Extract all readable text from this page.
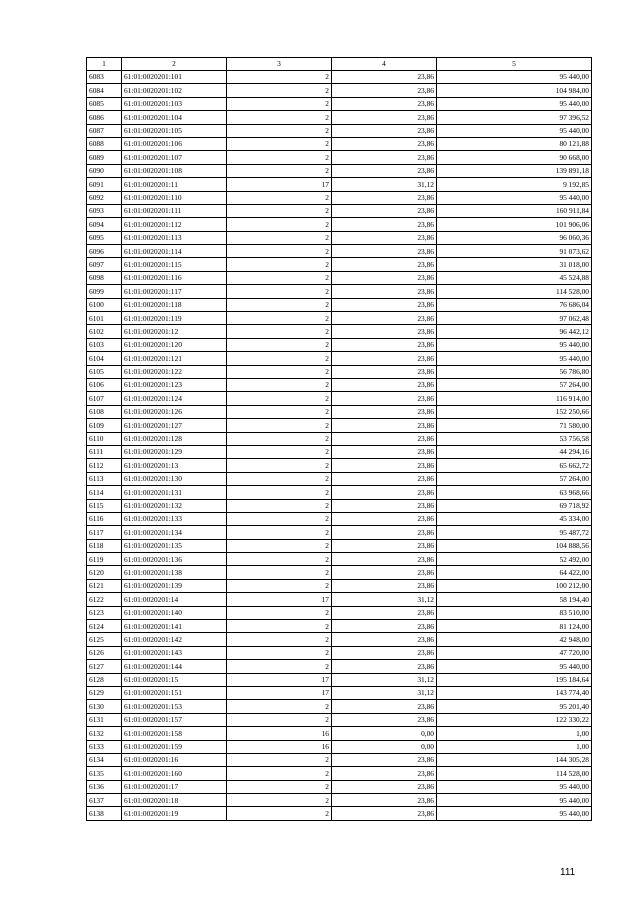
1	2	3	4	5
6083	61:01:0020201:101	2	23,86	95 440,00
6084	61:01:0020201:102	2	23,86	104 984,00
6085	61:01:0020201:103	2	23,86	95 440,00
6086	61:01:0020201:104	2	23,86	97 396,52
6087	61:01:0020201:105	2	23,86	95 440,00
6088	61:01:0020201:106	2	23,86	80 121,88
6089	61:01:0020201:107	2	23,86	90 668,00
6090	61:01:0020201:108	2	23,86	139 891,18
6091	61:01:0020201:11	17	31,12	9 192,85
6092	61:01:0020201:110	2	23,86	95 440,00
6093	61:01:0020201:111	2	23,86	160 911,84
6094	61:01:0020201:112	2	23,86	101 906,06
6095	61:01:0020201:113	2	23,86	96 060,36
6096	61:01:0020201:114	2	23,86	91 073,62
6097	61:01:0020201:115	2	23,86	31 018,00
6098	61:01:0020201:116	2	23,86	45 524,88
6099	61:01:0020201:117	2	23,86	114 528,00
6100	61:01:0020201:118	2	23,86	76 686,04
6101	61:01:0020201:119	2	23,86	97 062,48
6102	61:01:0020201:12	2	23,86	96 442,12
6103	61:01:0020201:120	2	23,86	95 440,00
6104	61:01:0020201:121	2	23,86	95 440,00
6105	61:01:0020201:122	2	23,86	56 786,80
6106	61:01:0020201:123	2	23,86	57 264,00
6107	61:01:0020201:124	2	23,86	116 914,00
6108	61:01:0020201:126	2	23,86	152 250,66
6109	61:01:0020201:127	2	23,86	71 580,00
6110	61:01:0020201:128	2	23,86	53 756,58
6111	61:01:0020201:129	2	23,86	44 294,16
6112	61:01:0020201:13	2	23,86	65 662,72
6113	61:01:0020201:130	2	23,86	57 264,00
6114	61:01:0020201:131	2	23,86	63 968,66
6115	61:01:0020201:132	2	23,86	69 718,92
6116	61:01:0020201:133	2	23,86	45 334,00
6117	61:01:0020201:134	2	23,86	95 487,72
6118	61:01:0020201:135	2	23,86	104 888,56
6119	61:01:0020201:136	2	23,86	52 492,00
6120	61:01:0020201:138	2	23,86	64 422,00
6121	61:01:0020201:139	2	23,86	100 212,00
6122	61:01:0020201:14	17	31,12	58 194,40
6123	61:01:0020201:140	2	23,86	83 510,00
6124	61:01:0020201:141	2	23,86	81 124,00
6125	61:01:0020201:142	2	23,86	42 948,00
6126	61:01:0020201:143	2	23,86	47 720,00
6127	61:01:0020201:144	2	23,86	95 440,00
6128	61:01:0020201:15	17	31,12	195 184,64
6129	61:01:0020201:151	17	31,12	143 774,40
6130	61:01:0020201:153	2	23,86	95 201,40
6131	61:01:0020201:157	2	23,86	122 330,22
6132	61:01:0020201:158	16	0,00	1,00
6133	61:01:0020201:159	16	0,00	1,00
6134	61:01:0020201:16	2	23,86	144 305,28
6135	61:01:0020201:160	2	23,86	114 528,00
6136	61:01:0020201:17	2	23,86	95 440,00
6137	61:01:0020201:18	2	23,86	95 440,00
6138	61:01:0020201:19	2	23,86	95 440,00
111
